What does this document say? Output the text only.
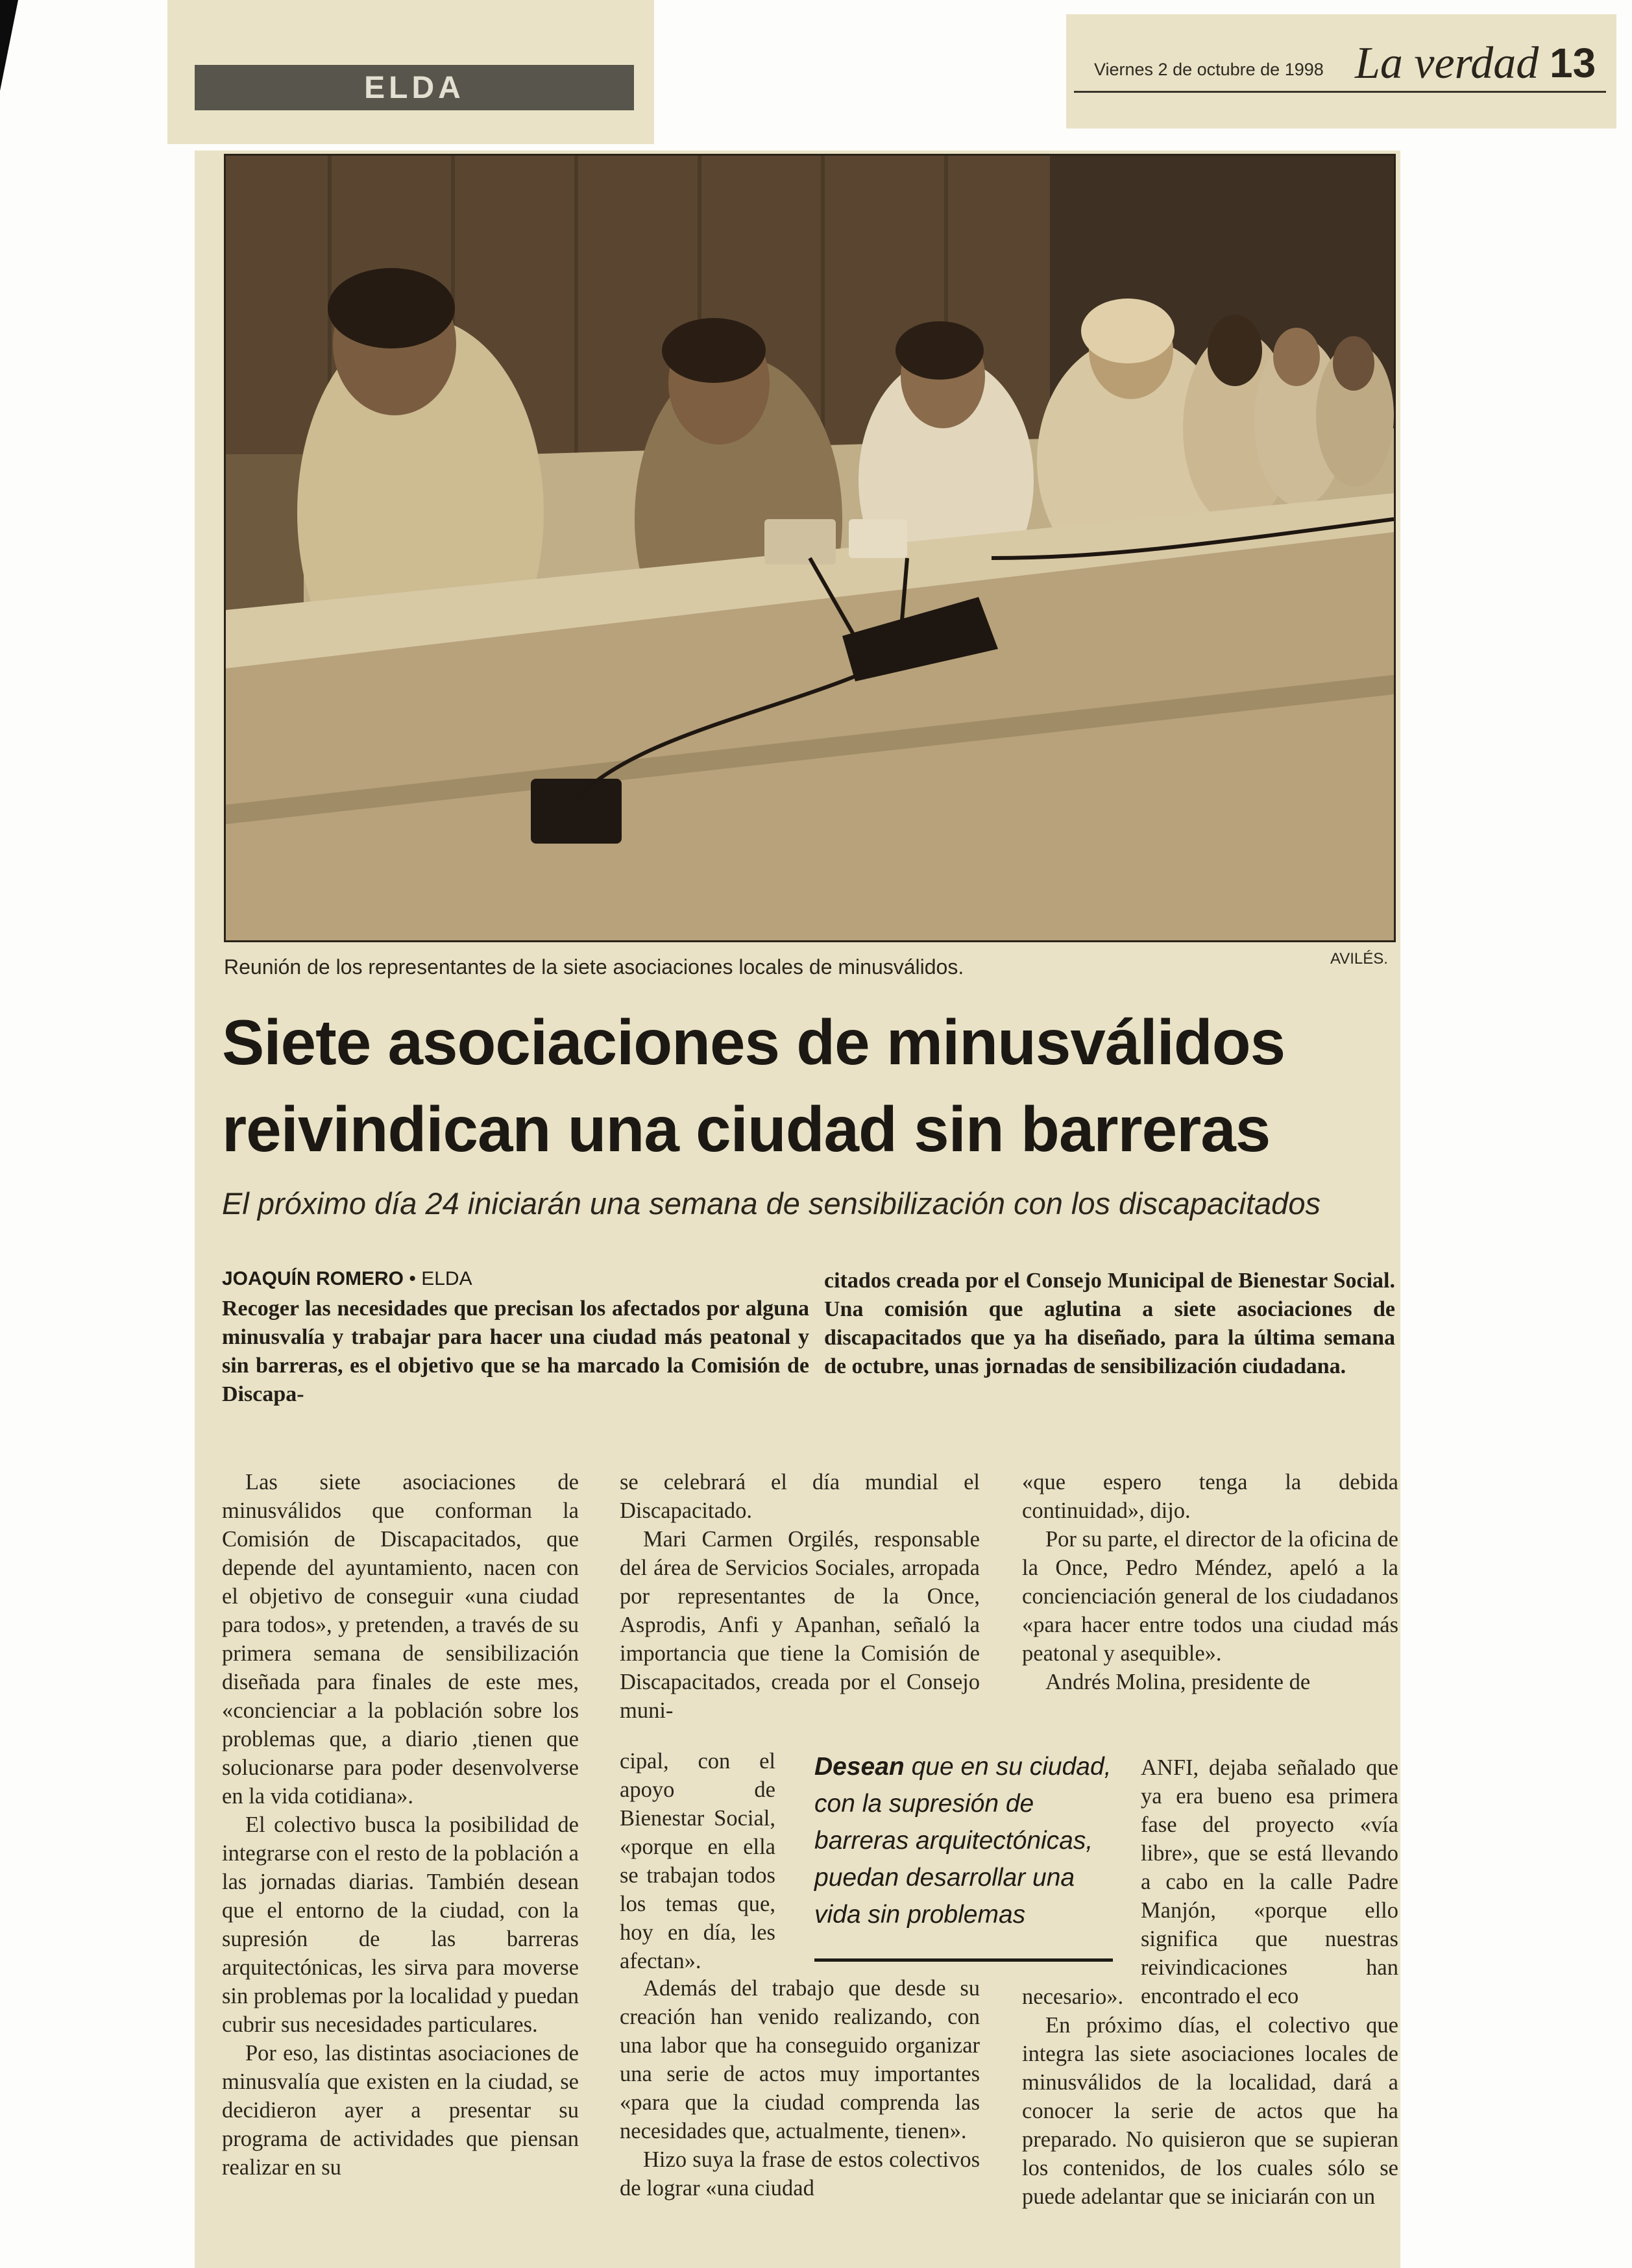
ELDA
Viernes 2 de octubre de 1998 La verdad 13
Reunión de los representantes de la siete asociaciones locales de minusválidos.	AVILÉS.
Siete asociaciones de minusválidos
reivindican una ciudad sin barreras
El próximo día 24 iniciarán una semana de sensibilización con los discapacitados
JOAQUÍN ROMERO • ELDA
Recoger las necesidades que precisan los afectados por alguna minusvalía y trabajar para hacer una ciudad más peatonal y sin barreras, es el objetivo que se ha marcado la Comisión de Discapa-
citados creada por el Consejo Municipal de Bienestar Social. Una comisión que aglutina a siete asociaciones de discapacitados que ya ha diseñado, para la última semana de octubre, unas jornadas de sensibilización ciudadana.

Las siete asociaciones de minusválidos que conforman la Comisión de Discapacitados, que depende del ayuntamiento, nacen con el objetivo de conseguir «una ciudad para todos», y pretenden, a través de su primera semana de sensibilización diseñada para finales de este mes, «concienciar a la población sobre los problemas que, a diario ,tienen que solucionarse para poder desenvolverse en la vida cotidiana».

El colectivo busca la posibilidad de integrarse con el resto de la población a las jornadas diarias. También desean que el entorno de la ciudad, con la supresión de las barreras arquitectónicas, les sirva para moverse sin problemas por la localidad y puedan cubrir sus necesidades particulares.

Por eso, las distintas asociaciones de minusvalía que existen en la ciudad, se decidieron ayer a presentar su programa de actividades que piensan realizar en su

se celebrará el día mundial el Discapacitado.

Mari Carmen Orgilés, responsable del área de Servicios Sociales, arropada por representantes de la Once, Asprodis, Anfi y Apanhan, señaló la importancia que tiene la Comisión de Discapacitados, creada por el Consejo muni-

cipal, con el apoyo de Bienestar Social, «porque en ella se trabajan todos los temas que, hoy en día, les afectan».

Además del trabajo que desde su creación han venido realizando, con una labor que ha conseguido organizar una serie de actos muy importantes «para que la ciudad comprenda las necesidades que, actualmente, tienen».

Hizo suya la frase de estos colectivos de lograr «una ciudad

«que espero tenga la debida continuidad», dijo.

Por su parte, el director de la oficina de la Once, Pedro Méndez, apeló a la concienciación general de los ciudadanos «para hacer entre todos una ciudad más peatonal y asequible».

Andrés Molina, presidente de

ANFI, dejaba señalado que ya era bueno esa primera fase del proyecto «vía libre», que se está llevando a cabo en la calle Padre Manjón, «porque ello significa que nuestras reivindicaciones han encontrado el eco

necesario».

En próximo días, el colectivo que integra las siete asociaciones locales de minusválidos de la localidad, dará a conocer la serie de actos que ha preparado. No quisieron que se supieran los contenidos, de los cuales sólo se puede adelantar que se iniciarán con un

Desean que en su ciudad, con la supresión de barreras arquitectónicas, puedan desarrollar una vida sin problemas
